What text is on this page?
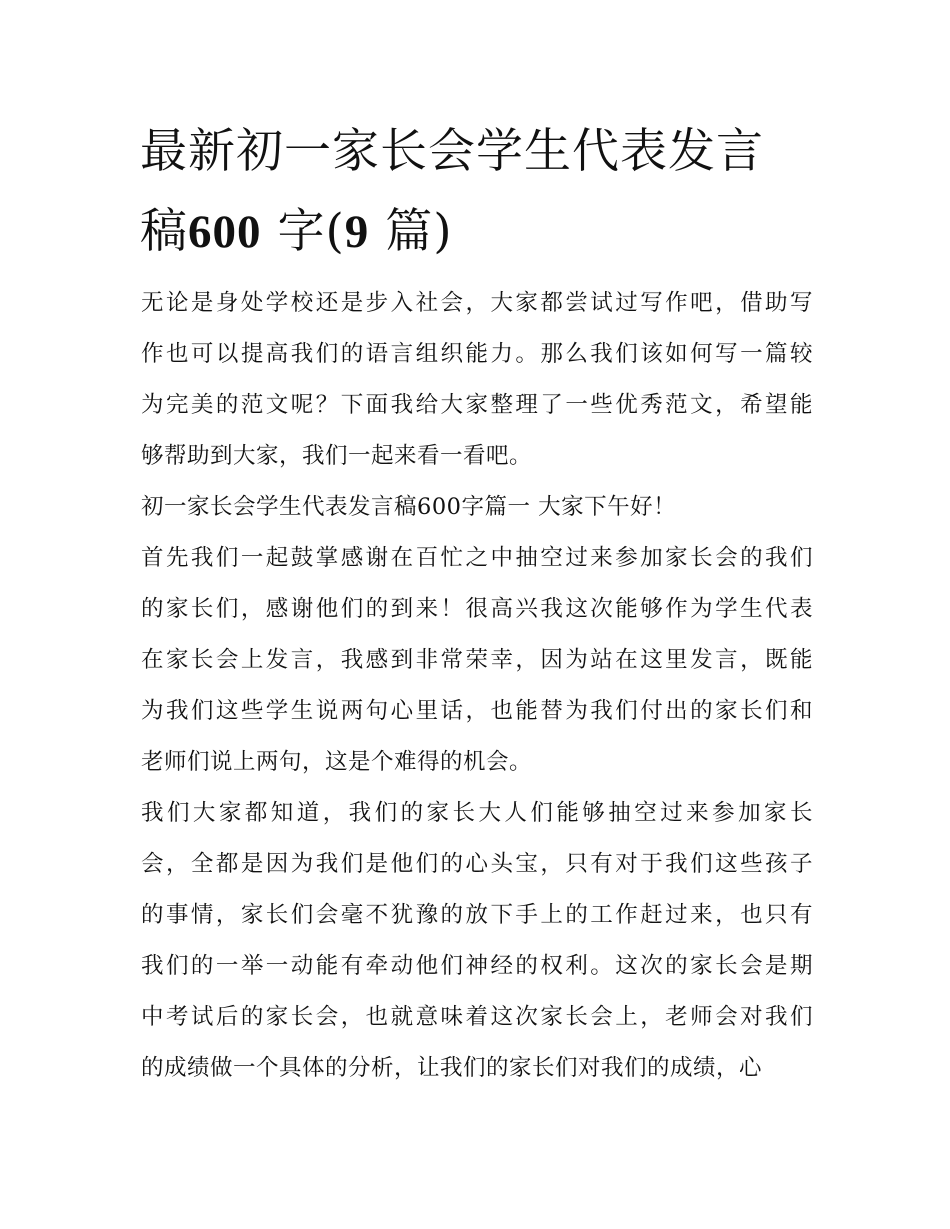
最新初一家长会学生代表发言
稿600 字(9 篇)

无论是身处学校还是步入社会，大家都尝试过写作吧，借助写
作也可以提高我们的语言组织能力。那么我们该如何写一篇较
为完美的范文呢？下面我给大家整理了一些优秀范文，希望能
够帮助到大家，我们一起来看一看吧。

初一家长会学生代表发言稿600字篇一 大家下午好！

首先我们一起鼓掌感谢在百忙之中抽空过来参加家长会的我们
的家长们，感谢他们的到来！很高兴我这次能够作为学生代表
在家长会上发言，我感到非常荣幸，因为站在这里发言，既能
为我们这些学生说两句心里话，也能替为我们付出的家长们和
老师们说上两句，这是个难得的机会。

我们大家都知道，我们的家长大人们能够抽空过来参加家长
会，全都是因为我们是他们的心头宝，只有对于我们这些孩子
的事情，家长们会毫不犹豫的放下手上的工作赶过来，也只有
我们的一举一动能有牵动他们神经的权利。这次的家长会是期
中考试后的家长会，也就意味着这次家长会上，老师会对我们
的成绩做一个具体的分析，让我们的家长们对我们的成绩，心
